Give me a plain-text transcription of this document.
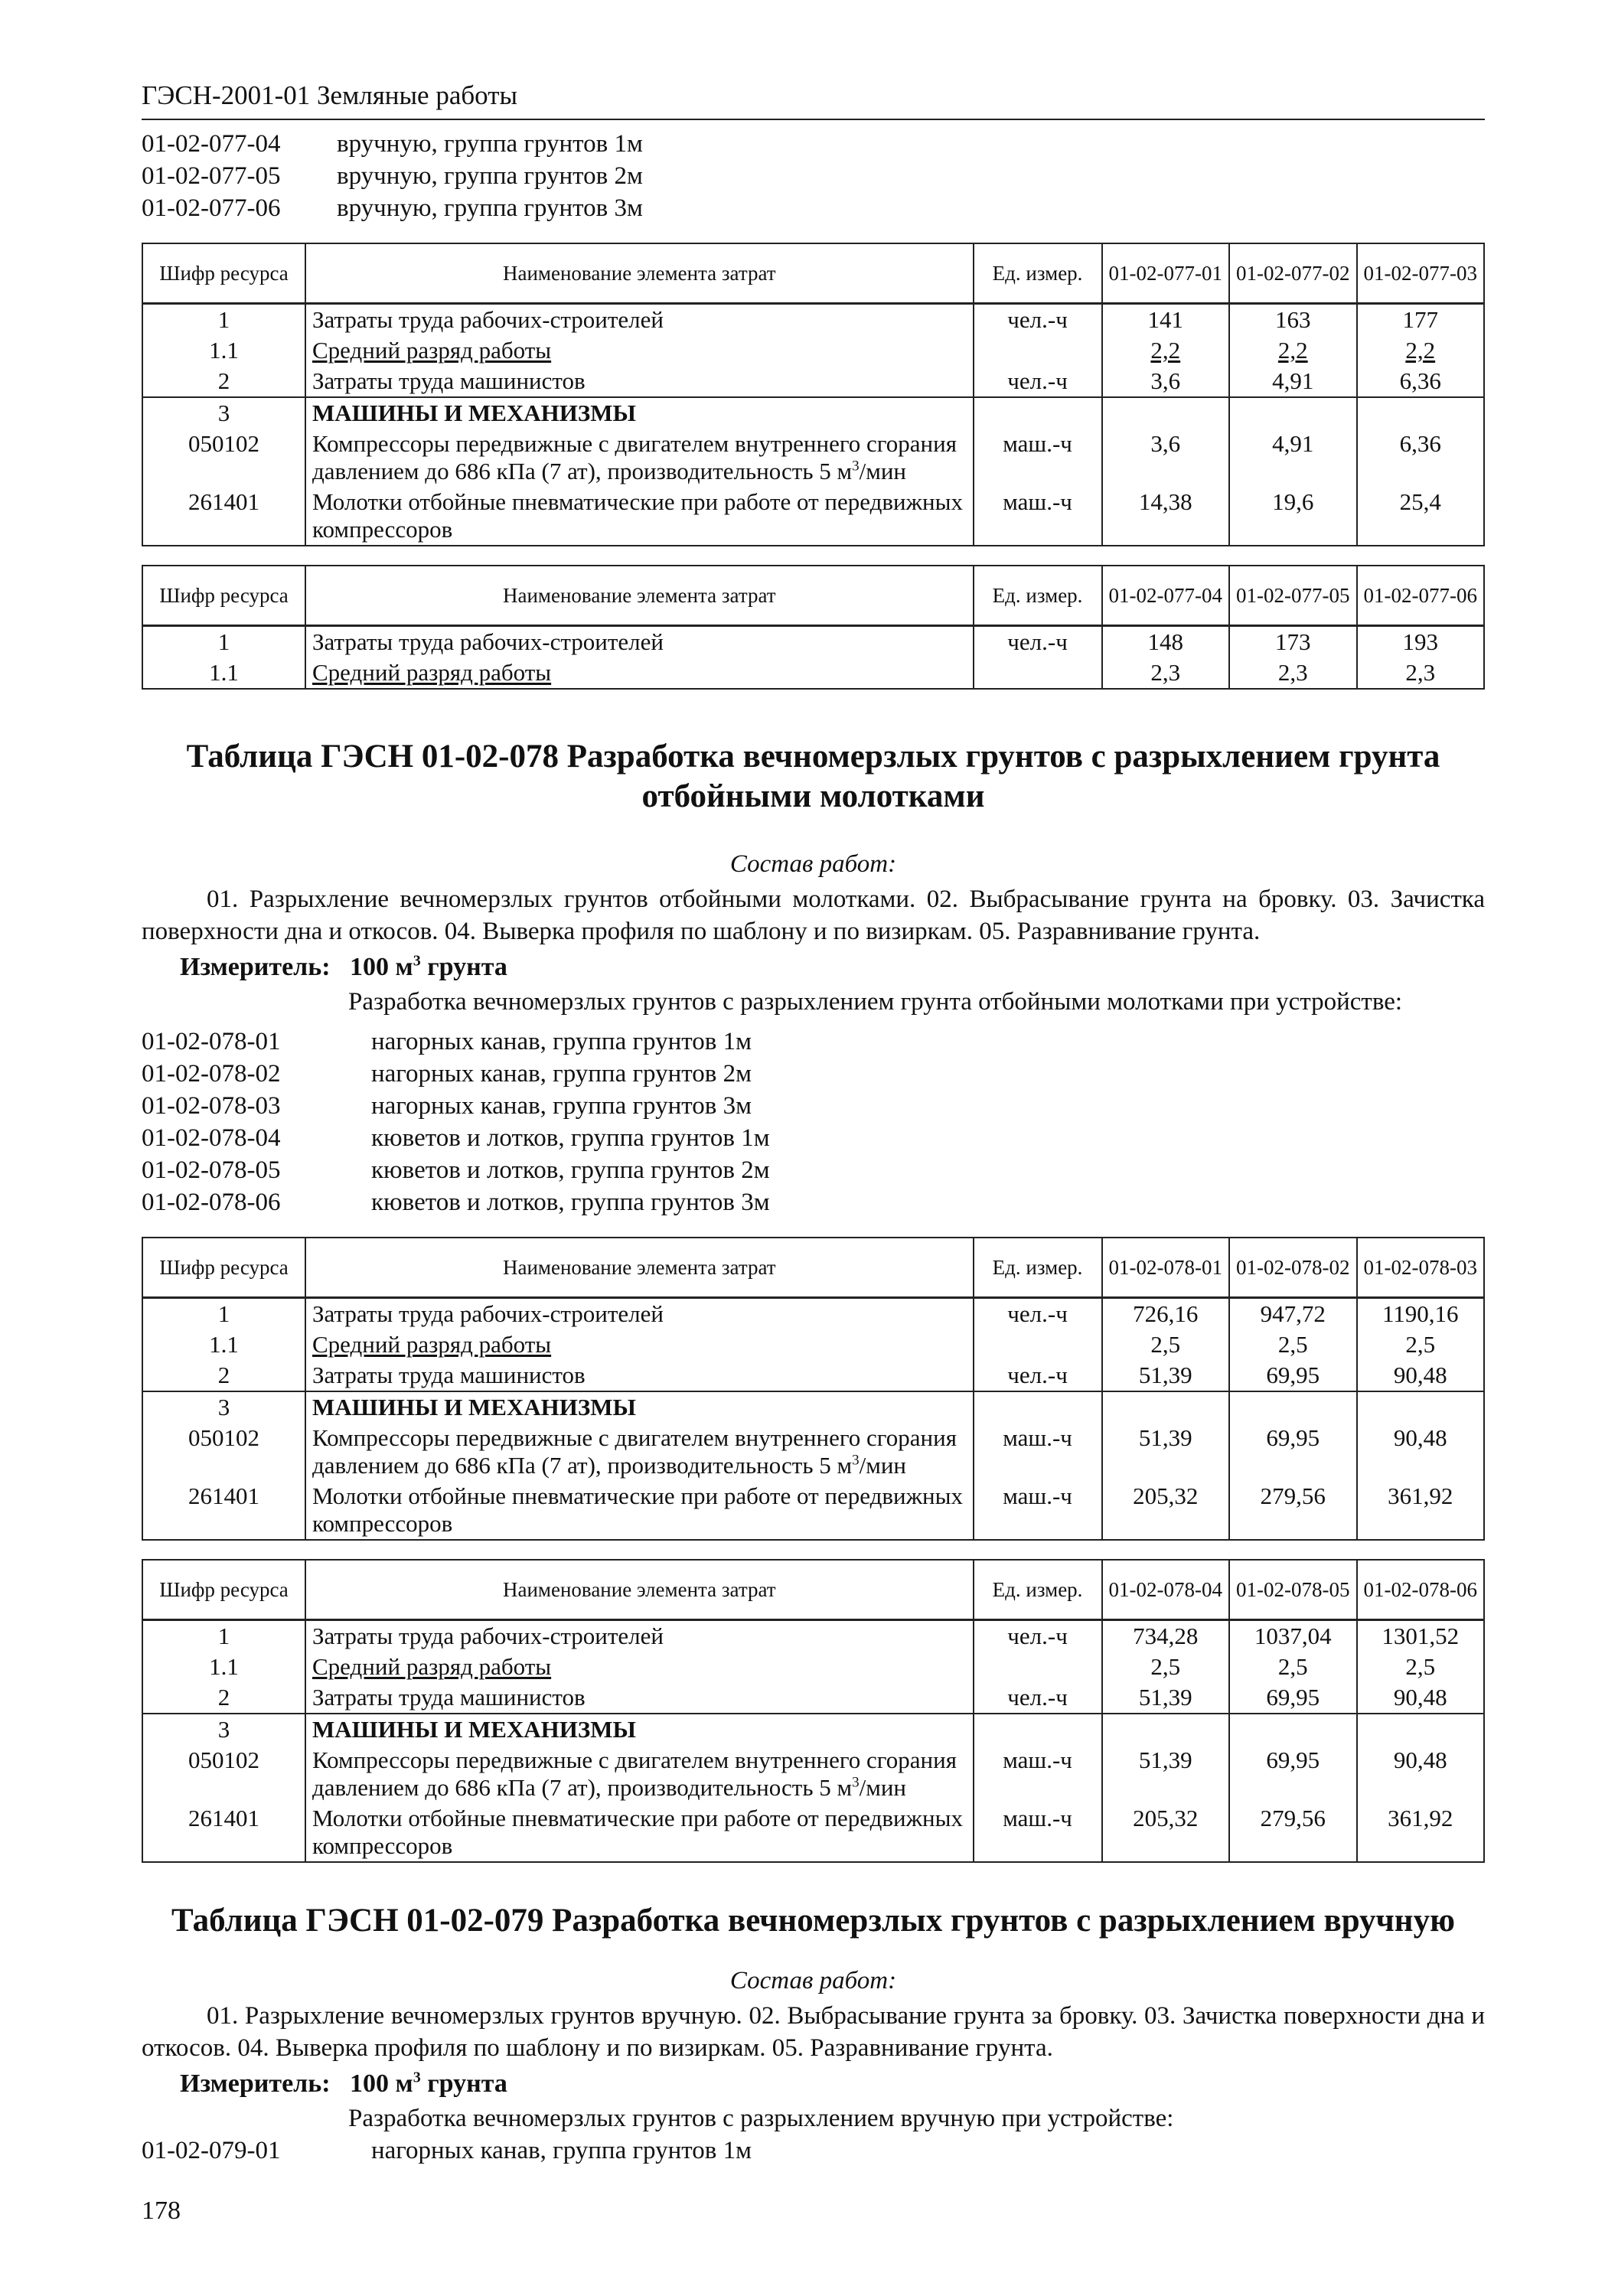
ГЭСН-2001-01 Земляные работы
01-02-077-04	вручную, группа грунтов 1м
01-02-077-05	вручную, группа грунтов 2м
01-02-077-06	вручную, группа грунтов 3м
Шифр ресурса	Наименование элемента затрат	Ед. измер.	01-02-077-01	01-02-077-02	01-02-077-03
1	Затраты труда рабочих-строителей	чел.-ч	141	163	177
1.1	Средний разряд работы		2,2	2,2	2,2
2	Затраты труда машинистов	чел.-ч	3,6	4,91	6,36
3	МАШИНЫ И МЕХАНИЗМЫ				
050102	Компрессоры передвижные с двигателем внутреннего сгорания давлением до 686 кПа (7 ат), производительность 5 $м^3$/мин	маш.-ч	3,6	4,91	6,36
261401	Молотки отбойные пневматические при работе от передвижных компрессоров	маш.-ч	14,38	19,6	25,4
Шифр ресурса	Наименование элемента затрат	Ед. измер.	01-02-077-04	01-02-077-05	01-02-077-06
1	Затраты труда рабочих-строителей	чел.-ч	148	173	193
1.1	Средний разряд работы		2,3	2,3	2,3
Таблица ГЭСН 01-02-078 Разработка вечномерзлых грунтов с разрыхлением грунта отбойными молотками
Состав работ:
01. Разрыхление вечномерзлых грунтов отбойными молотками. 02. Выбрасывание грунта на бровку. 03. Зачистка поверхности дна и откосов. 04. Выверка профиля по шаблону и по визиркам. 05. Разравнивание грунта.
Измеритель: 100 $м^3$ грунта
Разработка вечномерзлых грунтов с разрыхлением грунта отбойными молотками при устройстве:
01-02-078-01	нагорных канав, группа грунтов 1м
01-02-078-02	нагорных канав, группа грунтов 2м
01-02-078-03	нагорных канав, группа грунтов 3м
01-02-078-04	кюветов и лотков, группа грунтов 1м
01-02-078-05	кюветов и лотков, группа грунтов 2м
01-02-078-06	кюветов и лотков, группа грунтов 3м
Шифр ресурса	Наименование элемента затрат	Ед. измер.	01-02-078-01	01-02-078-02	01-02-078-03
1	Затраты труда рабочих-строителей	чел.-ч	726,16	947,72	1190,16
1.1	Средний разряд работы		2,5	2,5	2,5
2	Затраты труда машинистов	чел.-ч	51,39	69,95	90,48
3	МАШИНЫ И МЕХАНИЗМЫ				
050102	Компрессоры передвижные с двигателем внутреннего сгорания давлением до 686 кПа (7 ат), производительность 5 $м^3$/мин	маш.-ч	51,39	69,95	90,48
261401	Молотки отбойные пневматические при работе от передвижных компрессоров	маш.-ч	205,32	279,56	361,92
Шифр ресурса	Наименование элемента затрат	Ед. измер.	01-02-078-04	01-02-078-05	01-02-078-06
1	Затраты труда рабочих-строителей	чел.-ч	734,28	1037,04	1301,52
1.1	Средний разряд работы		2,5	2,5	2,5
2	Затраты труда машинистов	чел.-ч	51,39	69,95	90,48
3	МАШИНЫ И МЕХАНИЗМЫ				
050102	Компрессоры передвижные с двигателем внутреннего сгорания давлением до 686 кПа (7 ат), производительность 5 $м^3$/мин	маш.-ч	51,39	69,95	90,48
261401	Молотки отбойные пневматические при работе от передвижных компрессоров	маш.-ч	205,32	279,56	361,92
Таблица ГЭСН 01-02-079 Разработка вечномерзлых грунтов с разрыхлением вручную
Состав работ:
01. Разрыхление вечномерзлых грунтов вручную. 02. Выбрасывание грунта за бровку. 03. Зачистка поверхности дна и откосов. 04. Выверка профиля по шаблону и по визиркам. 05. Разравнивание грунта.
Измеритель: 100 $м^3$ грунта
Разработка вечномерзлых грунтов с разрыхлением вручную при устройстве:
01-02-079-01	нагорных канав, группа грунтов 1м
178
